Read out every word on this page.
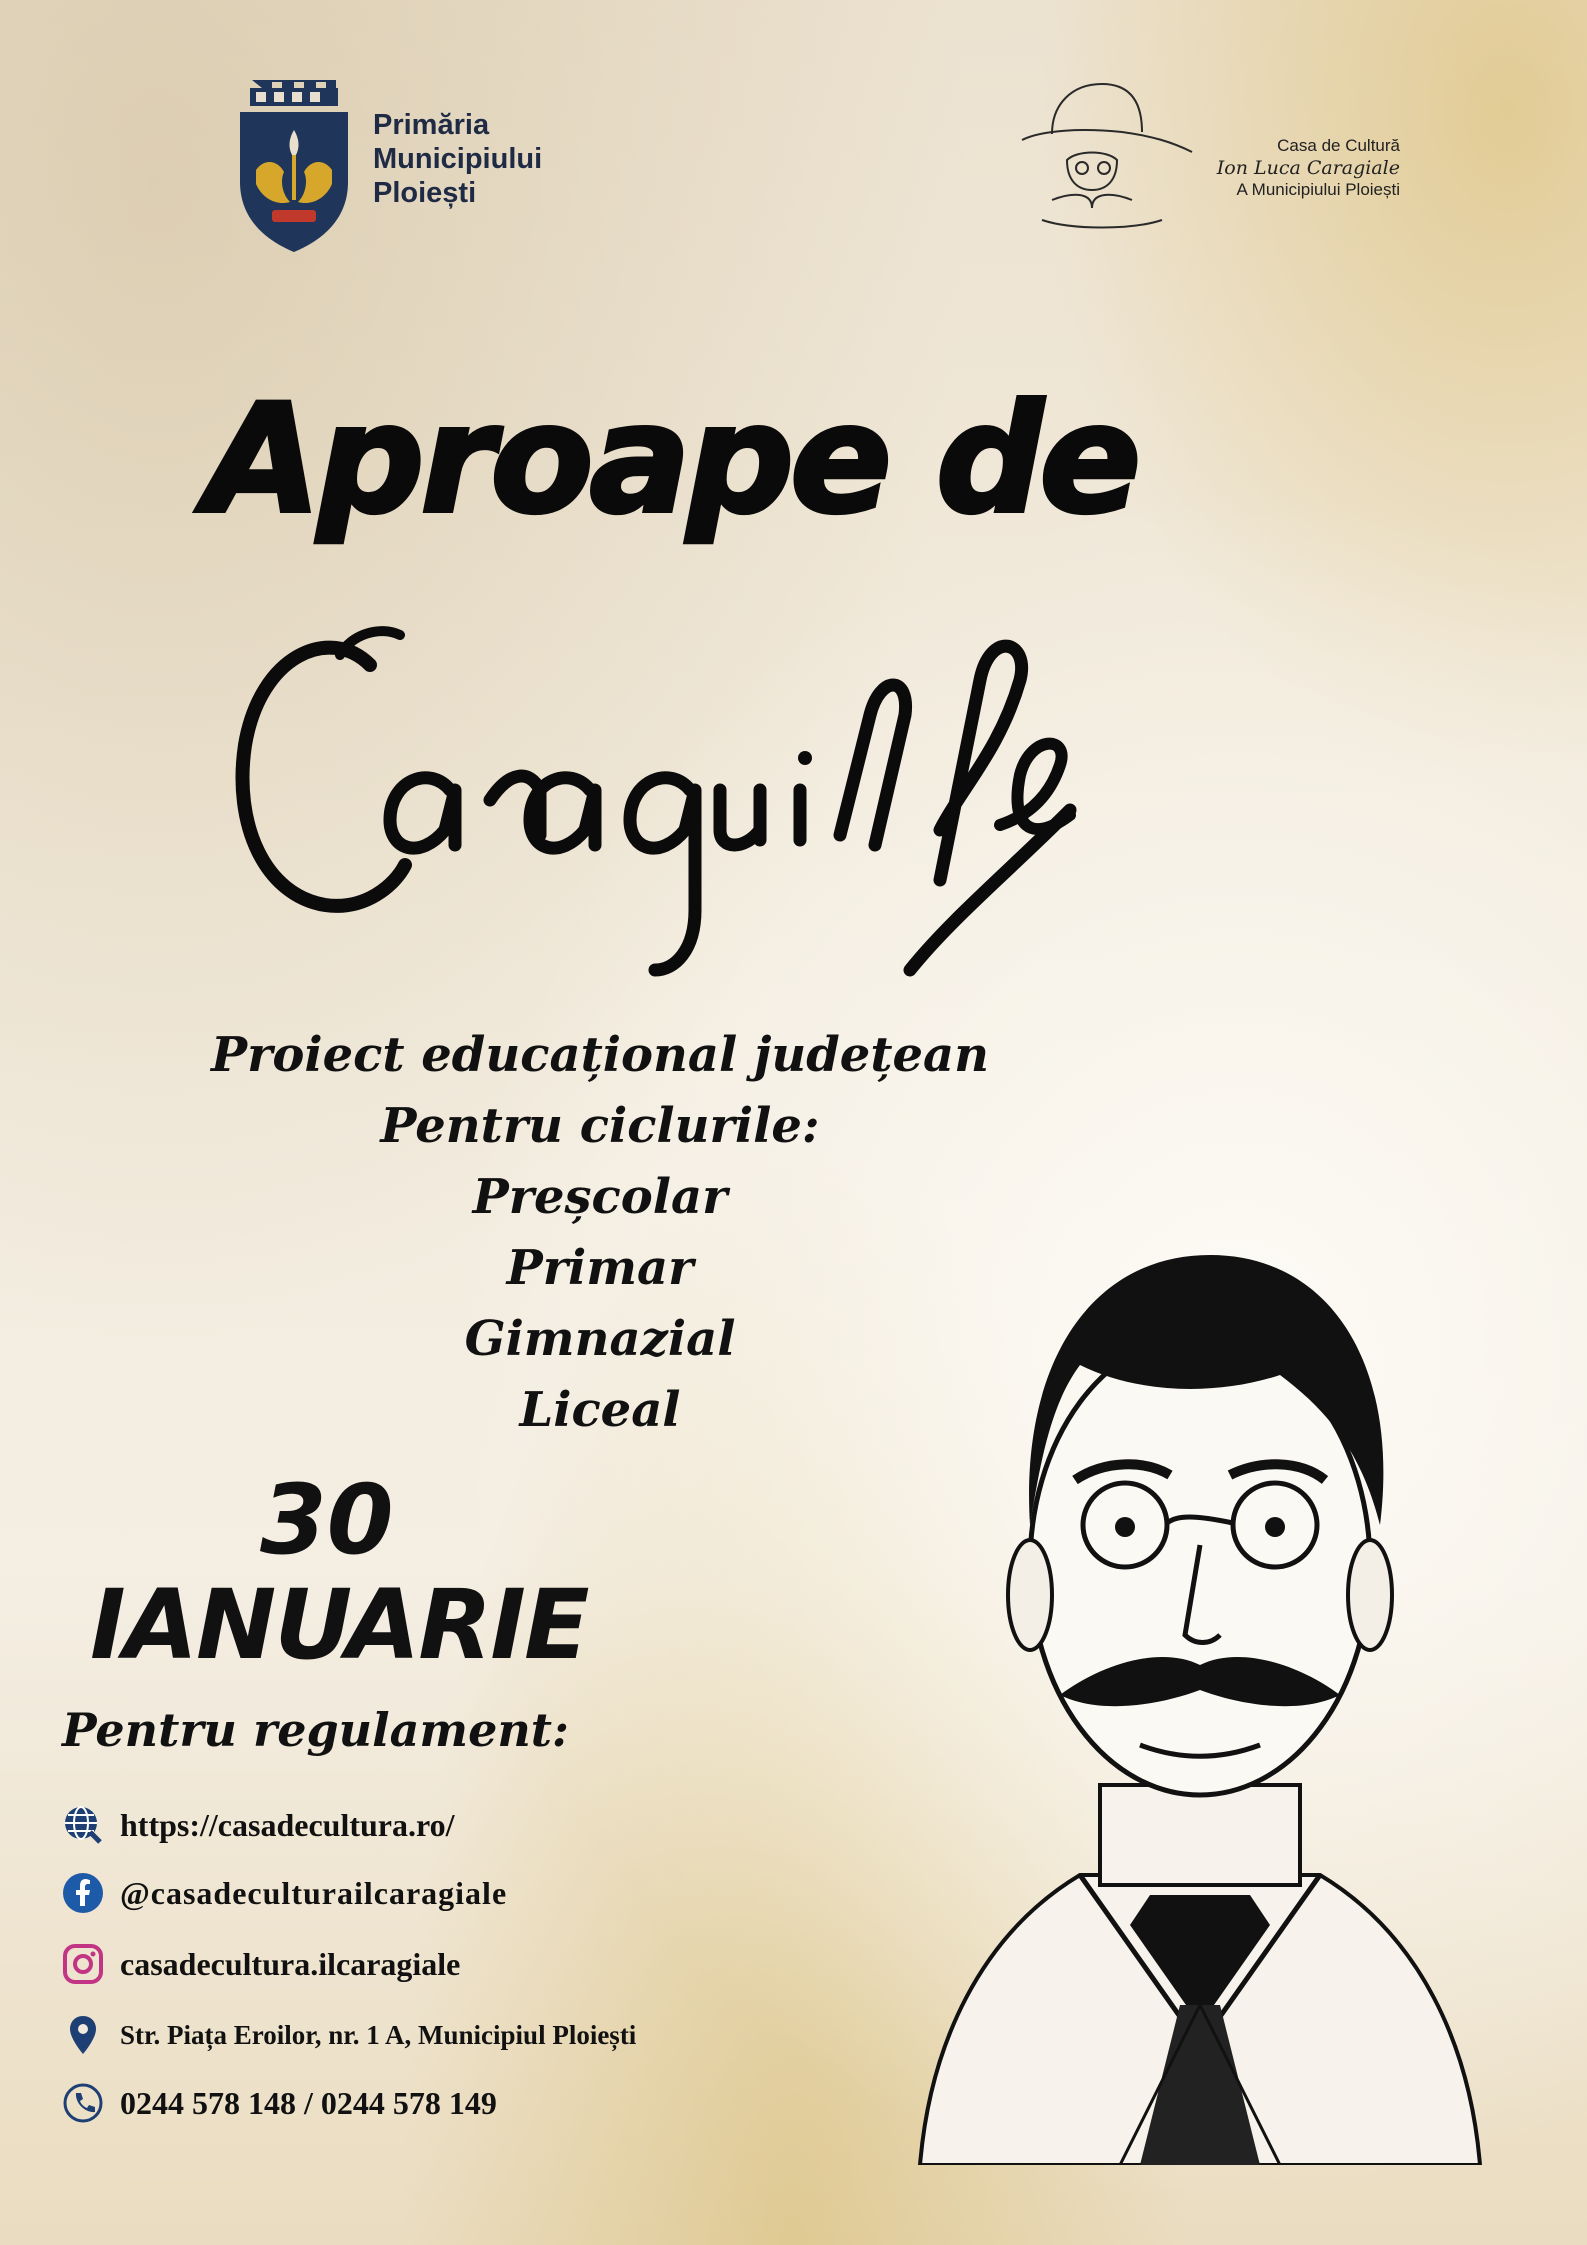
Primăria
Municipiului
Ploiești
Casa de Cultură
Ion Luca Caragiale
A Municipiului Ploiești
Aproape de
Proiect educațional județean
Pentru ciclurile:
Preșcolar
Primar
Gimnazial
Liceal
30
IANUARIE
Pentru regulament:
https://casadecultura.ro/
@casadeculturailcaragiale
casadecultura.ilcaragiale
Str. Piața Eroilor, nr. 1 A, Municipiul Ploiești
0244 578 148 / 0244 578 149
